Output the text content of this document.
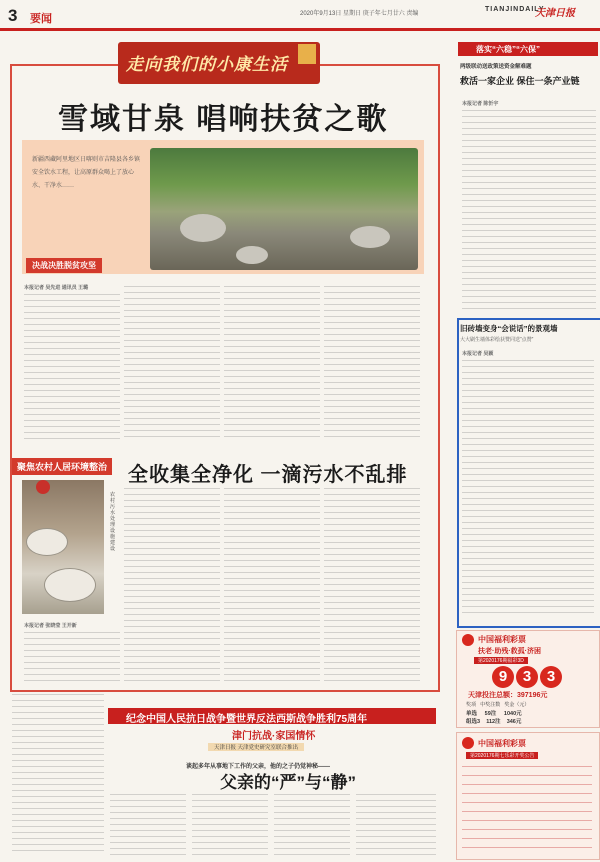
3 要闻	2020年9月13日 星期日 庚子年七月廿六 责编
TIANJINDAILY
天津日报
走向我们的小康生活
雪域甘泉 唱响扶贫之歌
新疆西藏阿里地区日喀则市吉隆县各乡镇安全饮水工程，让高原群众喝上了放心水、干净水……
决战决胜脱贫攻坚
本报记者 吴先进 通讯员 王璐
聚焦农村人居环境整治 全收集全净化 一滴污水不乱排
农村污水处理设施建设
本报记者 张晓莹 王开新
纪念中国人民抗日战争暨世界反法西斯战争胜利75周年
津门抗战·家国情怀
天津日报 天津党史研究室联合推出
谈起多年从事地下工作的父亲，他的之子仍觉神秘——
父亲的“严”与“静”
落实“六稳”“六保”
两级联动送政策送资金解难题
救活一家企业 保住一条产业链
本报记者 陈忻宇
旧砖墙变身“会说话”的景观墙
大大刷生墙体彩绘获赞同送“点赞”
本报记者 吴颖
中国福利彩票
扶老·助残·救孤·济困
第2020176期福彩3D
9	3	3
天津投注总额：397196元
奖项 中奖注数 奖金（元）
单选 59注 1040元
组选3 112注 346元
中国福利彩票
第2020176期七乐彩开奖公告
